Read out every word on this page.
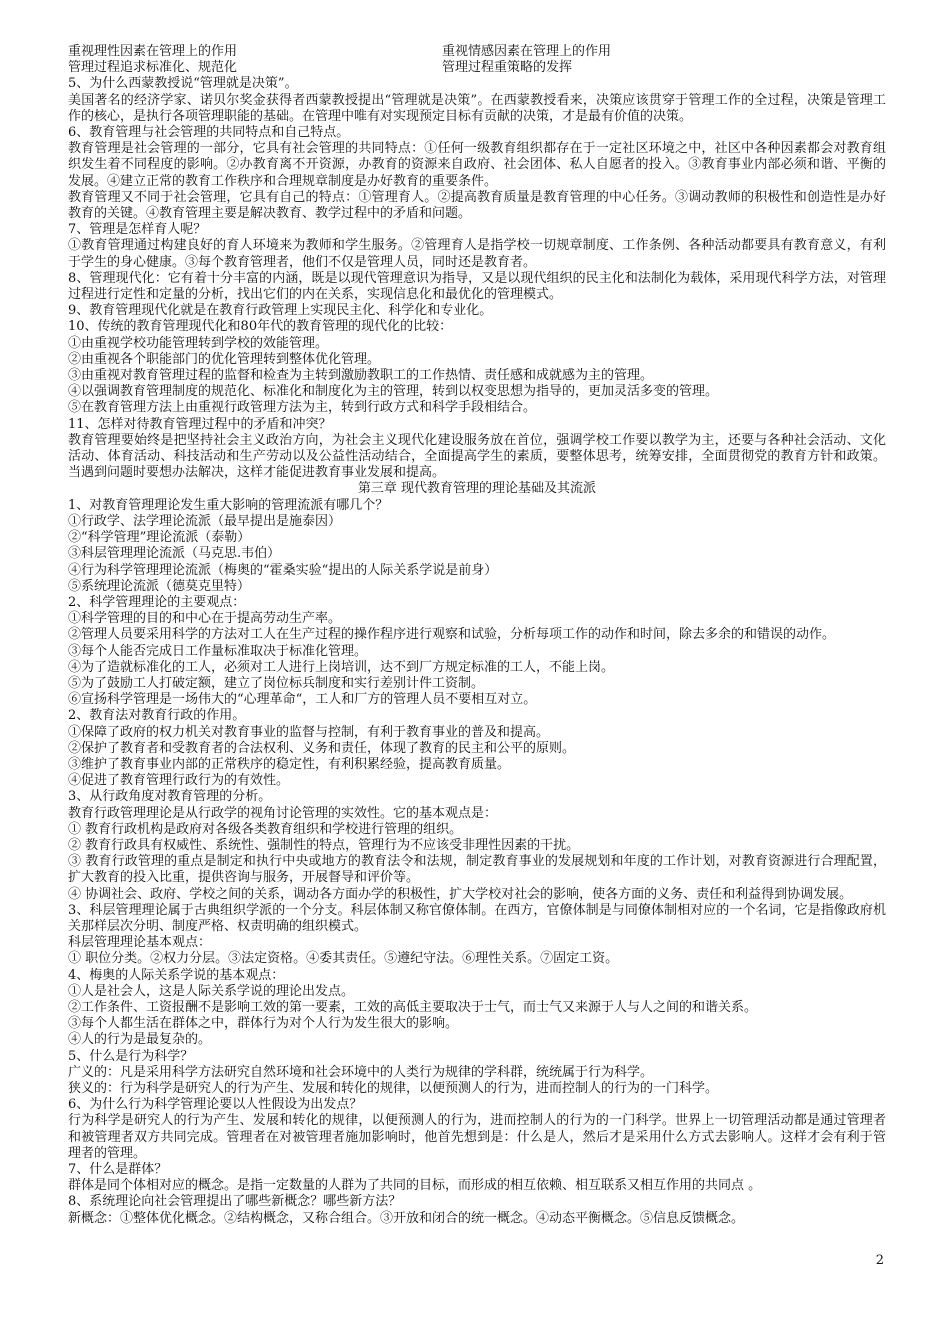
重视理性因素在管理上的作用	重视情感因素在管理上的作用
管理过程追求标准化、规范化	管理过程重策略的发挥
5、为什么西蒙教授说“管理就是决策”。
美国著名的经济学家、诺贝尔奖金获得者西蒙教授提出“管理就是决策”。在西蒙教授看来，决策应该贯穿于管理工作的全过程，决策是管理工作的核心，是执行各项管理职能的基础。在管理中唯有对实现预定目标有贡献的决策，才是最有价值的决策。
6、教育管理与社会管理的共同特点和自己特点。
教育管理是社会管理的一部分，它具有社会管理的共同特点：①任何一级教育组织都存在于一定社区环境之中，社区中各种因素都会对教育组织发生着不同程度的影响。②办教育离不开资源，办教育的资源来自政府、社会团体、私人自愿者的投入。③教育事业内部必须和谐、平衡的发展。④建立正常的教育工作秩序和合理规章制度是办好教育的重要条件。
教育管理又不同于社会管理，它具有自己的特点：①管理育人。②提高教育质量是教育管理的中心任务。③调动教师的积极性和创造性是办好教育的关键。④教育管理主要是解决教育、教学过程中的矛盾和问题。
7、管理是怎样育人呢？
①教育管理通过构建良好的育人环境来为教师和学生服务。②管理育人是指学校一切规章制度、工作条例、各种活动都要具有教育意义，有利于学生的身心健康。③每个教育管理者，他们不仅是管理人员，同时还是教育者。
8、管理现代化：它有着十分丰富的内涵，既是以现代管理意识为指导，又是以现代组织的民主化和法制化为载体，采用现代科学方法，对管理过程进行定性和定量的分析，找出它们的内在关系，实现信息化和最优化的管理模式。
9、教育管理现代化就是在教育行政管理上实现民主化、科学化和专业化。
10、传统的教育管理现代化和80年代的教育管理的现代化的比较：
①由重视学校功能管理转到学校的效能管理。
②由重视各个职能部门的优化管理转到整体优化管理。
③由重视对教育管理过程的监督和检查为主转到激励教职工的工作热情、责任感和成就感为主的管理。
④以强调教育管理制度的规范化、标准化和制度化为主的管理，转到以权变思想为指导的，更加灵活多变的管理。
⑤在教育管理方法上由重视行政管理方法为主，转到行政方式和科学手段相结合。
11、怎样对待教育管理过程中的矛盾和冲突？
教育管理要始终是把坚持社会主义政治方向，为社会主义现代化建设服务放在首位，强调学校工作要以教学为主，还要与各种社会活动、文化活动、体育活动、科技活动和生产劳动以及公益性活动结合，全面提高学生的素质，要整体思考，统筹安排，全面贯彻党的教育方针和政策。当遇到问题时要想办法解决，这样才能促进教育事业发展和提高。
第三章 现代教育管理的理论基础及其流派
1、对教育管理理论发生重大影响的管理流派有哪几个？
①行政学、法学理论流派（最早提出是施泰因）
②“科学管理”理论流派（泰勒）
③科层管理理论流派（马克思.韦伯）
④行为科学管理理论流派（梅奥的“霍桑实验“提出的人际关系学说是前身）
⑤系统理论流派（德莫克里特）
2、科学管理理论的主要观点：
①科学管理的目的和中心在于提高劳动生产率。
②管理人员要采用科学的方法对工人在生产过程的操作程序进行观察和试验，分析每项工作的动作和时间，除去多余的和错误的动作。
③每个人能否完成日工作量标准取决于标准化管理。
④为了造就标准化的工人，必须对工人进行上岗培训，达不到厂方规定标准的工人，不能上岗。
⑤为了鼓励工人打破定额，建立了岗位标兵制度和实行差别计件工资制。
⑥宣扬科学管理是一场伟大的“心理革命“，工人和厂方的管理人员不要相互对立。
2、教育法对教育行政的作用。
①保障了政府的权力机关对教育事业的监督与控制，有利于教育事业的普及和提高。
②保护了教育者和受教育者的合法权利、义务和责任，体现了教育的民主和公平的原则。
③维护了教育事业内部的正常秩序的稳定性，有利积累经验，提高教育质量。
④促进了教育管理行政行为的有效性。
3、从行政角度对教育管理的分析。
教育行政管理理论是从行政学的视角讨论管理的实效性。它的基本观点是：
① 教育行政机构是政府对各级各类教育组织和学校进行管理的组织。
② 教育行政具有权威性、系统性、强制性的特点，管理行为不应该受非理性因素的干扰。
③ 教育行政管理的重点是制定和执行中央或地方的教育法令和法规，制定教育事业的发展规划和年度的工作计划，对教育资源进行合理配置，扩大教育的投入比重，提供咨询与服务，开展督导和评价等。
④ 协调社会、政府、学校之间的关系，调动各方面办学的积极性，扩大学校对社会的影响，使各方面的义务、责任和利益得到协调发展。
3、科层管理理论属于古典组织学派的一个分支。科层体制又称官僚体制。在西方，官僚体制是与同僚体制相对应的一个名词，它是指像政府机关那样层次分明、制度严格、权责明确的组织模式。
科层管理理论基本观点：
① 职位分类。②权力分层。③法定资格。④委其责任。⑤遵纪守法。⑥理性关系。⑦固定工资。
4、梅奥的人际关系学说的基本观点：
①人是社会人，这是人际关系学说的理论出发点。
②工作条件、工资报酬不是影响工效的第一要素，工效的高低主要取决于士气，而士气又来源于人与人之间的和谐关系。
③每个人都生活在群体之中，群体行为对个人行为发生很大的影响。
④人的行为是最复杂的。
5、什么是行为科学？
广义的：凡是采用科学方法研究自然环境和社会环境中的人类行为规律的学科群，统统属于行为科学。
狭义的：行为科学是研究人的行为产生、发展和转化的规律，以便预测人的行为，进而控制人的行为的一门科学。
6、为什么行为科学管理论要以人性假设为出发点？
行为科学是研究人的行为产生、发展和转化的规律，以便预测人的行为，进而控制人的行为的一门科学。世界上一切管理活动都是通过管理者和被管理者双方共同完成。管理者在对被管理者施加影响时，他首先想到是：什么是人，然后才是采用什么方式去影响人。这样才会有利于管理者的管理。
7、什么是群体？
群体是同个体相对应的概念。是指一定数量的人群为了共同的目标，而形成的相互依赖、相互联系又相互作用的共同点 。
8、系统理论向社会管理提出了哪些新概念？哪些新方法？
新概念：①整体优化概念。②结构概念，又称合组合。③开放和闭合的统一概念。④动态平衡概念。⑤信息反馈概念。
2
